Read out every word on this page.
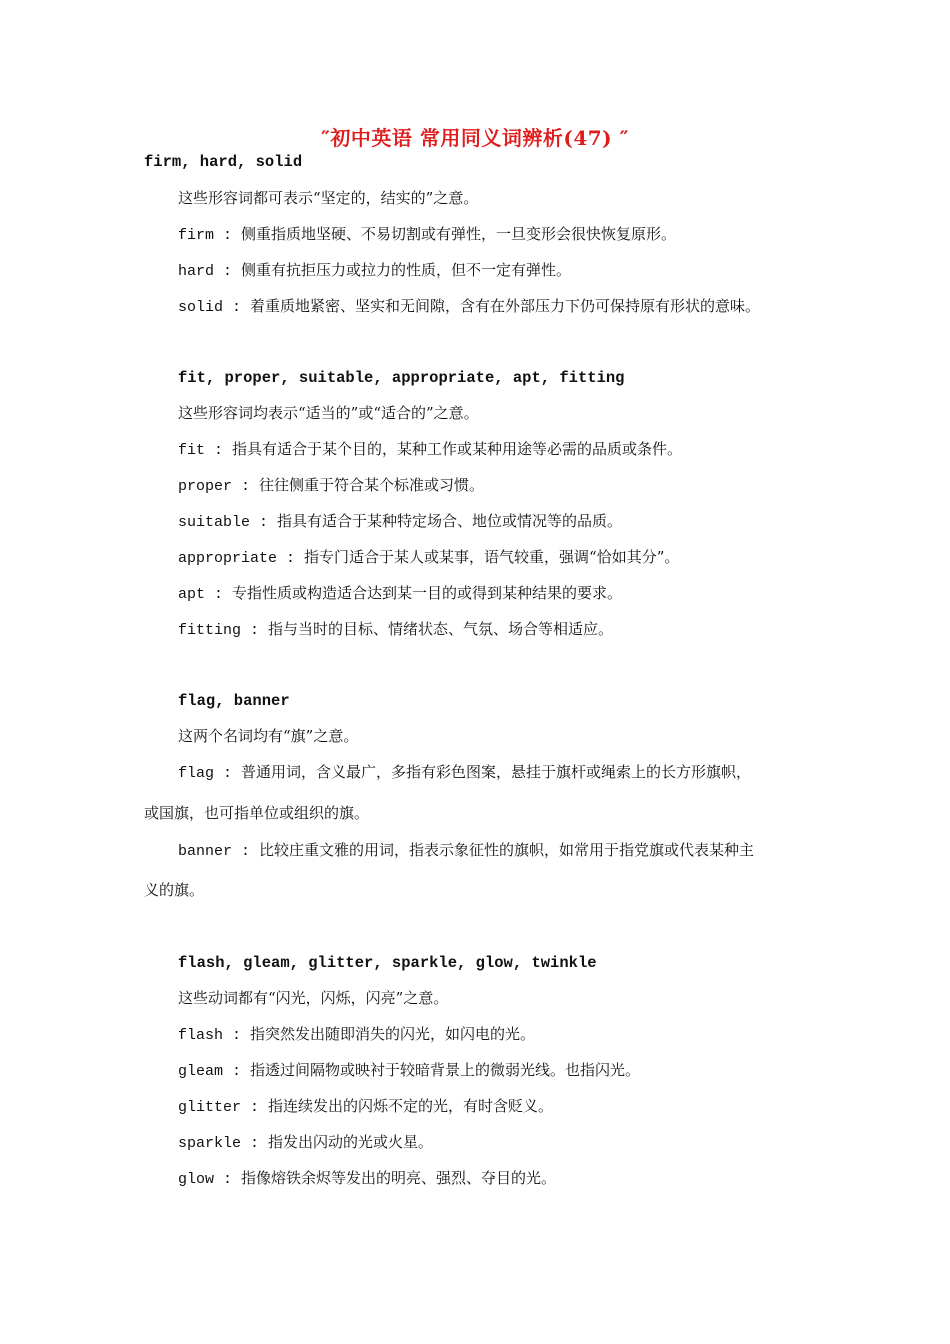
″初中英语 常用同义词辨析(47) ″
firm, hard, solid
这些形容词都可表示“坚定的，结实的”之意。
firm : 侧重指质地坚硬、不易切割或有弹性，一旦变形会很快恢复原形。
hard : 侧重有抗拒压力或拉力的性质，但不一定有弹性。
solid : 着重质地紧密、坚实和无间隙，含有在外部压力下仍可保持原有形状的意味。
fit, proper, suitable, appropriate, apt, fitting
这些形容词均表示“适当的”或“适合的”之意。
fit : 指具有适合于某个目的，某种工作或某种用途等必需的品质或条件。
proper : 往往侧重于符合某个标准或习惯。
suitable : 指具有适合于某种特定场合、地位或情况等的品质。
appropriate : 指专门适合于某人或某事，语气较重，强调“恰如其分”。
apt : 专指性质或构造适合达到某一目的或得到某种结果的要求。
fitting : 指与当时的目标、情绪状态、气氛、场合等相适应。
flag, banner
这两个名词均有“旗”之意。
flag : 普通用词，含义最广，多指有彩色图案，悬挂于旗杆或绳索上的长方形旗帜，
或国旗，也可指单位或组织的旗。
banner : 比较庄重文雅的用词，指表示象征性的旗帜，如常用于指党旗或代表某种主
义的旗。
flash, gleam, glitter, sparkle, glow, twinkle
这些动词都有“闪光，闪烁，闪亮”之意。
flash : 指突然发出随即消失的闪光，如闪电的光。
gleam : 指透过间隔物或映衬于较暗背景上的微弱光线。也指闪光。
glitter : 指连续发出的闪烁不定的光，有时含贬义。
sparkle : 指发出闪动的光或火星。
glow : 指像熔铁余烬等发出的明亮、强烈、夺目的光。
